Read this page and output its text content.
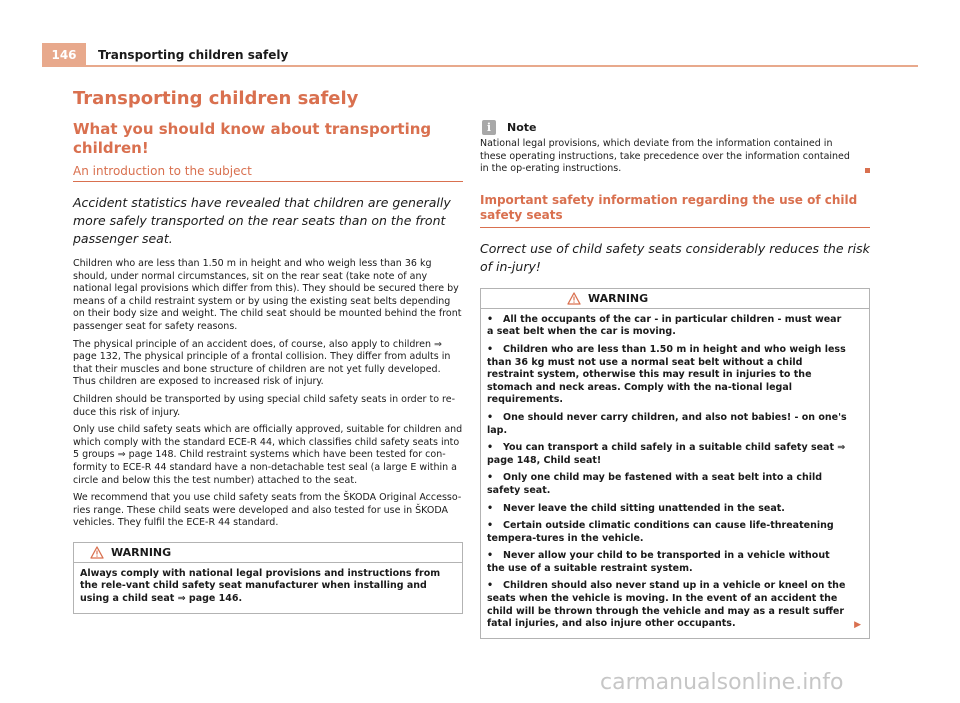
146	Transporting children safely
Transporting children safely
What you should know about transporting children!
An introduction to the subject
Accident statistics have revealed that children are generally more safely transported on the rear seats than on the front passenger seat.
Children who are less than 1.50 m in height and who weigh less than 36 kg should, under normal circumstances, sit on the rear seat (take note of any national legal provisions which differ from this). They should be secured there by means of a child restraint system or by using the existing seat belts depending on their body size and weight. The child seat should be mounted behind the front passenger seat for safety reasons.
The physical principle of an accident does, of course, also apply to children ⇒ page 132, The physical principle of a frontal collision. They differ from adults in that their muscles and bone structure of children are not yet fully developed. Thus children are exposed to increased risk of injury.
Children should be transported by using special child safety seats in order to re-duce this risk of injury.
Only use child safety seats which are officially approved, suitable for children and which comply with the standard ECE-R 44, which classifies child safety seats into 5 groups ⇒ page 148. Child restraint systems which have been tested for con-formity to ECE-R 44 standard have a non-detachable test seal (a large E within a circle and below this the test number) attached to the seat.
We recommend that you use child safety seats from the ŠKODA Original Accesso-ries range. These child seats were developed and also tested for use in ŠKODA vehicles. They fulfil the ECE-R 44 standard.
WARNING
Always comply with national legal provisions and instructions from the rele-vant child safety seat manufacturer when installing and using a child seat ⇒ page 146.
i	Note
National legal provisions, which deviate from the information contained in these operating instructions, take precedence over the information contained in the op-erating instructions.
Important safety information regarding the use of child safety seats
Correct use of child safety seats considerably reduces the risk of in-jury!
WARNING
•   All the occupants of the car - in particular children - must wear a seat belt when the car is moving.
•   Children who are less than 1.50 m in height and who weigh less than 36 kg must not use a normal seat belt without a child restraint system, otherwise this may result in injuries to the stomach and neck areas. Comply with the na-tional legal requirements.
•   One should never carry children, and also not babies! - on one's lap.
•   You can transport a child safely in a suitable child safety seat ⇒ page 148, Child seat!
•   Only one child may be fastened with a seat belt into a child safety seat.
•   Never leave the child sitting unattended in the seat.
•   Certain outside climatic conditions can cause life-threatening tempera-tures in the vehicle.
•   Never allow your child to be transported in a vehicle without the use of a suitable restraint system.
•   Children should also never stand up in a vehicle or kneel on the seats when the vehicle is moving. In the event of an accident the child will be thrown through the vehicle and may as a result suffer fatal injuries, and also injure other occupants.	▶
carmanualsonline.info
